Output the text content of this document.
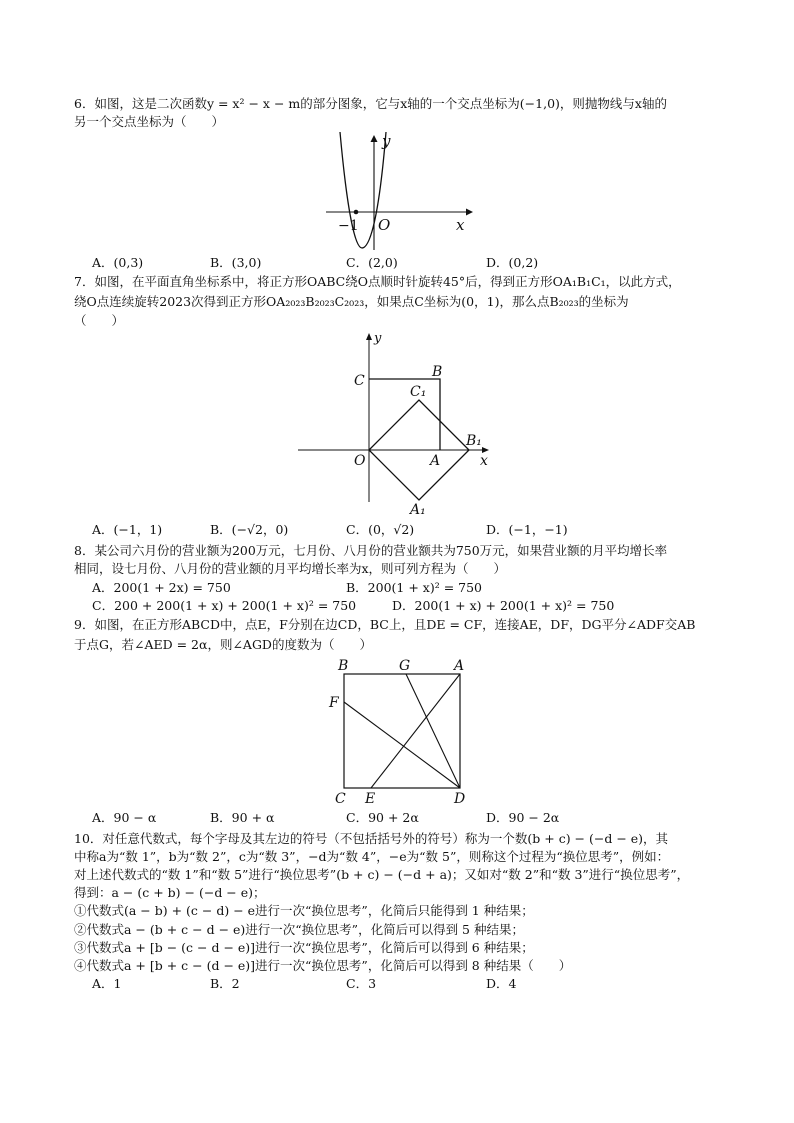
6．如图，这是二次函数y = x² − x − m的部分图象，它与x轴的一个交点坐标为(−1,0)，则抛物线与x轴的
另一个交点坐标为（　　）
y
x
O
−1
A．(0,3)	B．(3,0)	C．(2,0)	D．(0,2)
7．如图，在平面直角坐标系中，将正方形OABC绕O点顺时针旋转45°后，得到正方形OA₁B₁C₁，以此方式，
绕O点连续旋转2023次得到正方形OA₂₀₂₃B₂₀₂₃C₂₀₂₃，如果点C坐标为(0，1)，那么点B₂₀₂₃的坐标为
（　　）
y
x
O
C
B
C₁
A
B₁
A₁
A．(−1，1)	B．(−√2，0)	C．(0，√2)	D．(−1，−1)
8．某公司六月份的营业额为200万元，七月份、八月份的营业额共为750万元，如果营业额的月平均增长率
相同，设七月份、八月份的营业额的月平均增长率为x，则可列方程为（　　）
A．200(1 + 2x) = 750	B．200(1 + x)² = 750
C．200 + 200(1 + x) + 200(1 + x)² = 750	D．200(1 + x) + 200(1 + x)² = 750
9．如图，在正方形ABCD中，点E，F分别在边CD，BC上，且DE = CF，连接AE，DF，DG平分∠ADF交AB
于点G，若∠AED = 2α，则∠AGD的度数为（　　）
B	G	A
F
C E	D
A．90 − α	B．90 + α	C．90 + 2α	D．90 − 2α
10．对任意代数式，每个字母及其左边的符号（不包括括号外的符号）称为一个数(b + c) − (−d − e)，其
中称a为“数 1”，b为“数 2”，c为“数 3”，−d为“数 4”，−e为“数 5”，则称这个过程为“换位思考”，例如：
对上述代数式的“数 1”和“数 5”进行“换位思考”(b + c) − (−d + a)；又如对“数 2”和“数 3”进行“换位思考”，
得到：a − (c + b) − (−d − e)；
①代数式(a − b) + (c − d) − e进行一次“换位思考”，化简后只能得到 1 种结果；
②代数式a − (b + c − d − e)进行一次“换位思考”，化简后可以得到 5 种结果；
③代数式a + [b − (c − d − e)]进行一次“换位思考”，化简后可以得到 6 种结果；
④代数式a + [b + c − (d − e)]进行一次“换位思考”，化简后可以得到 8 种结果（　　）
A．1	B．2	C．3	D．4
